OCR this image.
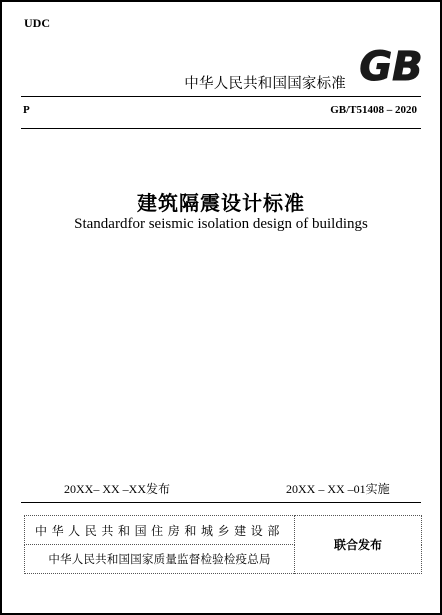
UDC
中华人民共和国国家标准 GB
P	GB/T51408 – 2020
建筑隔震设计标准
Standardfor seismic isolation design of buildings
20XX– XX –XX发布	20XX – XX –01实施
中华人民共和国住房和城乡建设部	联合发布
中华人民共和国国家质量监督检验检疫总局
